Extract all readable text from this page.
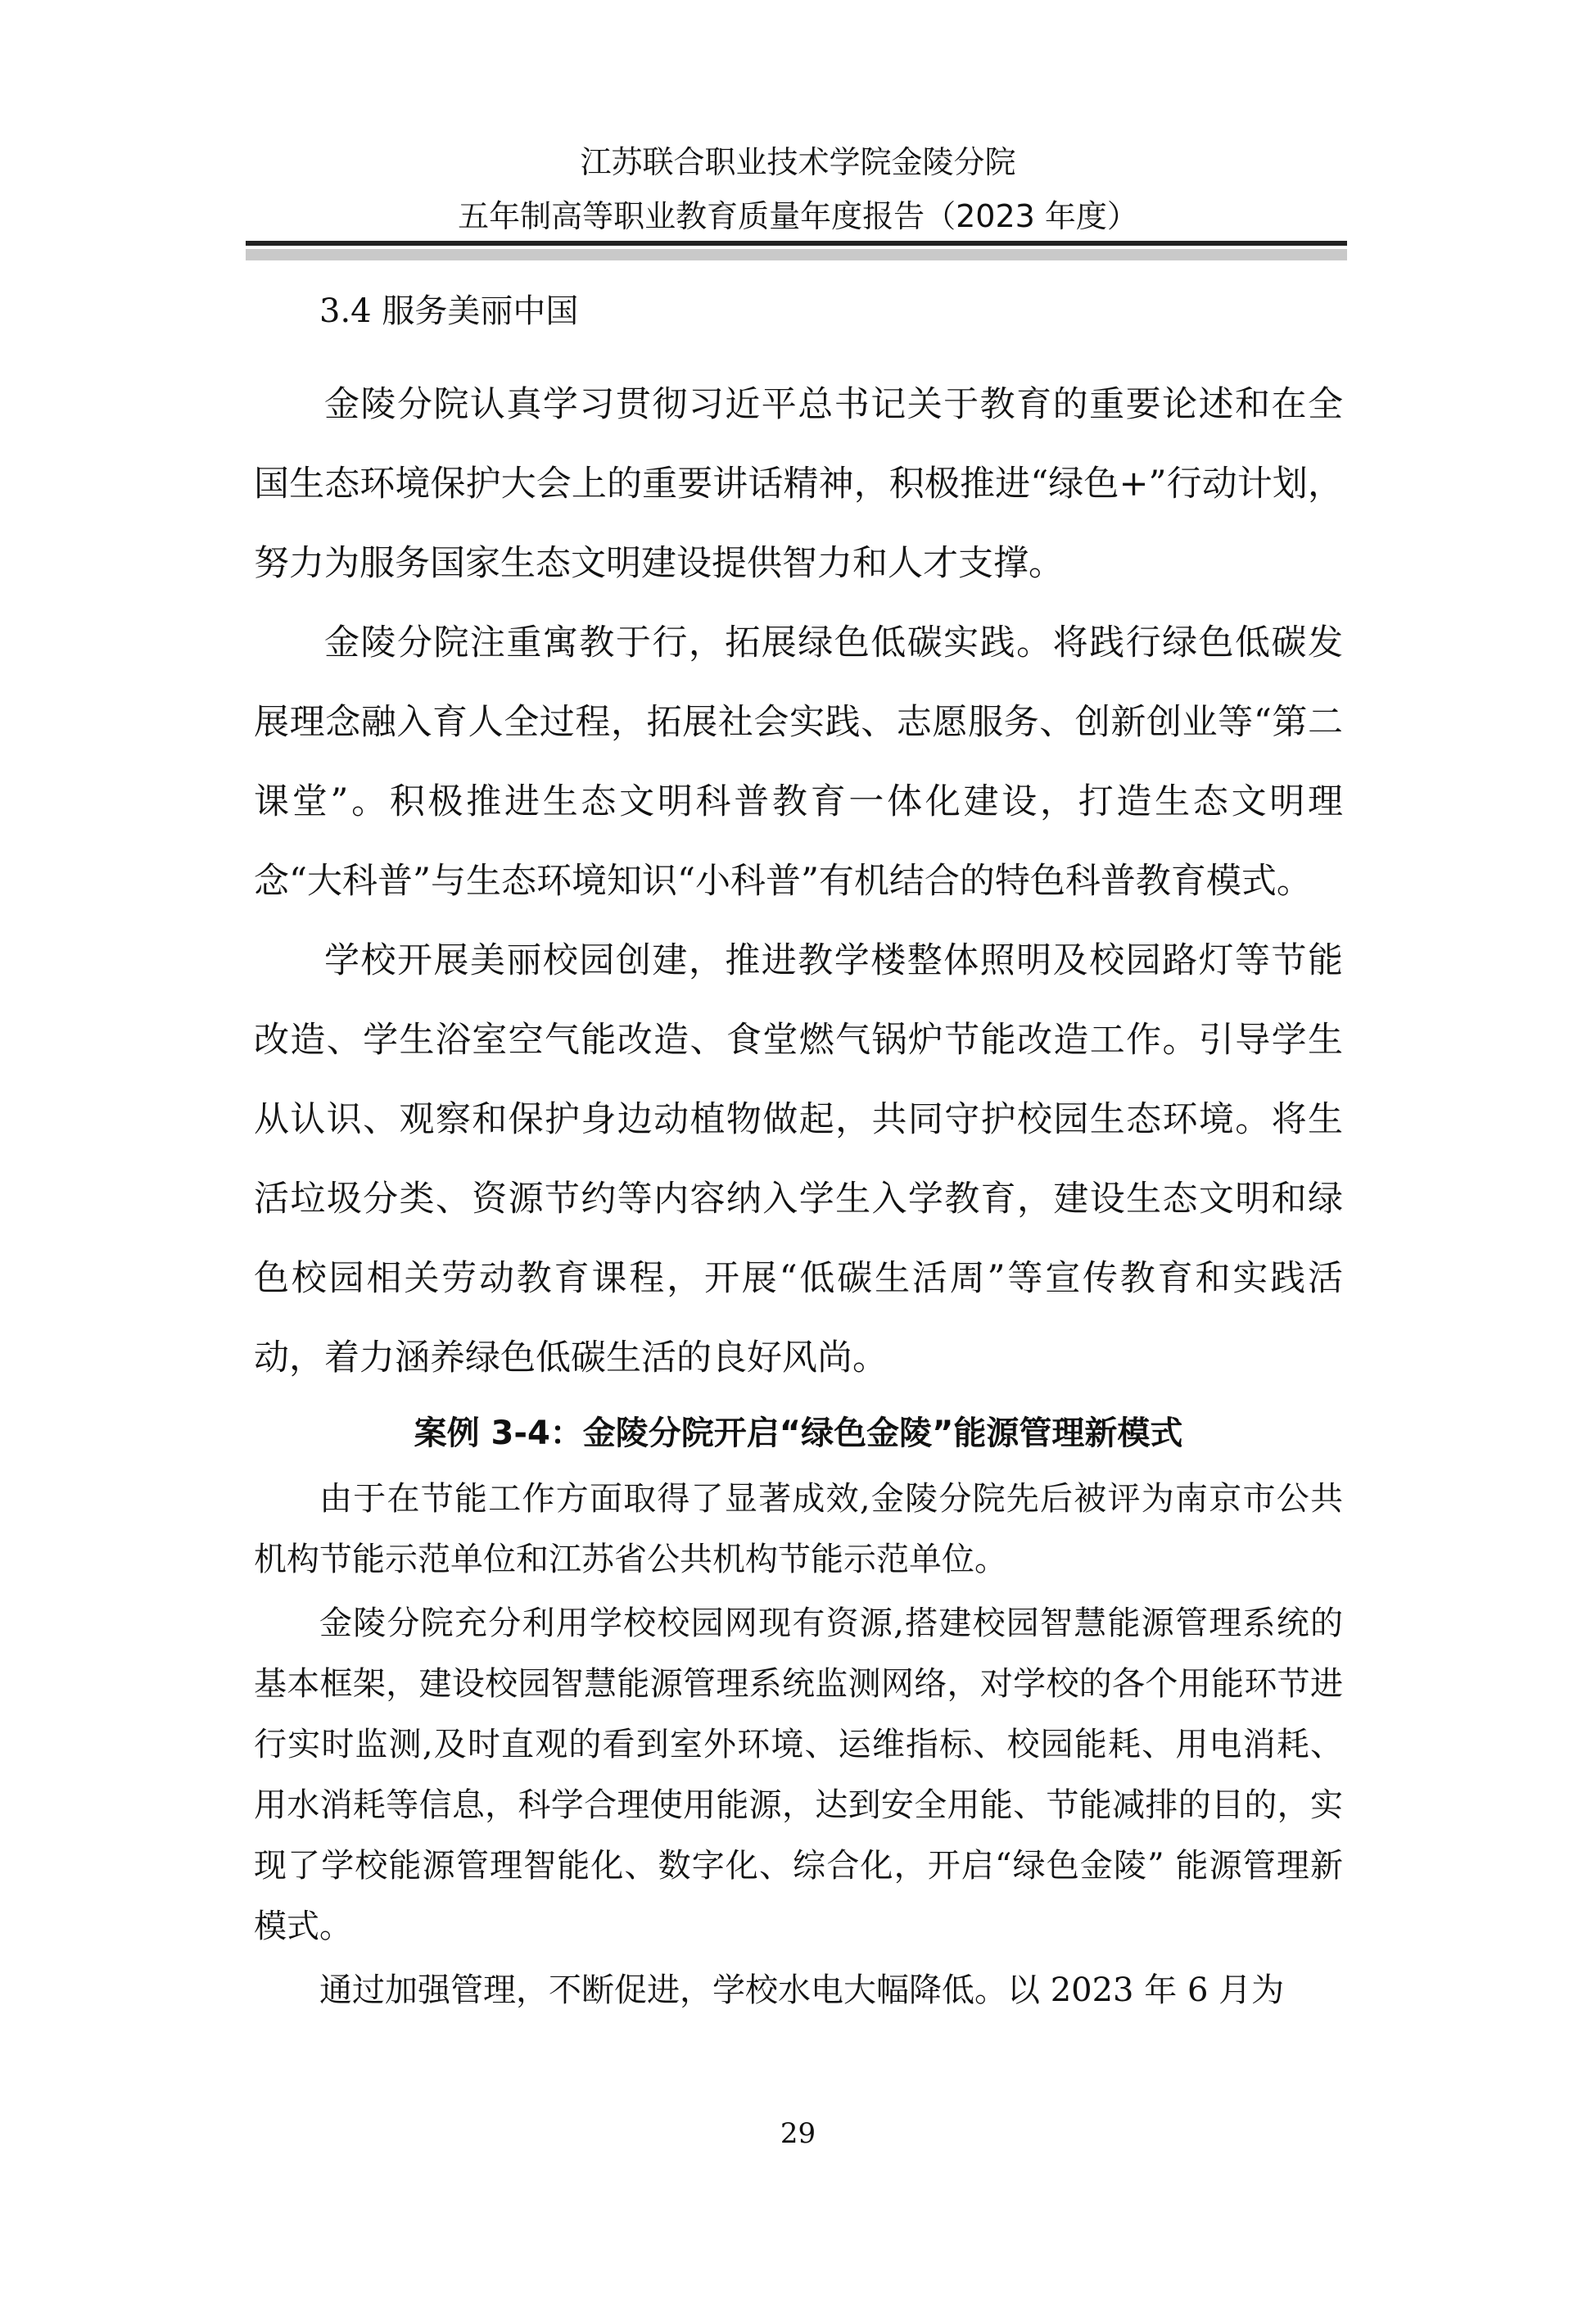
江苏联合职业技术学院金陵分院
五年制高等职业教育质量年度报告（2023 年度）
3.4 服务美丽中国

金陵分院认真学习贯彻习近平总书记关于教育的重要论述和在全国生态环境保护大会上的重要讲话精神，积极推进“绿色+”行动计划，努力为服务国家生态文明建设提供智力和人才支撑。

金陵分院注重寓教于行，拓展绿色低碳实践。将践行绿色低碳发展理念融入育人全过程，拓展社会实践、志愿服务、创新创业等“第二课堂”。积极推进生态文明科普教育一体化建设，打造生态文明理念“大科普”与生态环境知识“小科普”有机结合的特色科普教育模式。

学校开展美丽校园创建，推进教学楼整体照明及校园路灯等节能改造、学生浴室空气能改造、食堂燃气锅炉节能改造工作。引导学生从认识、观察和保护身边动植物做起，共同守护校园生态环境。将生活垃圾分类、资源节约等内容纳入学生入学教育，建设生态文明和绿色校园相关劳动教育课程，开展“低碳生活周”等宣传教育和实践活动，着力涵养绿色低碳生活的良好风尚。

案例 3-4：金陵分院开启“绿色金陵”能源管理新模式

由于在节能工作方面取得了显著成效,金陵分院先后被评为南京市公共机构节能示范单位和江苏省公共机构节能示范单位。

金陵分院充分利用学校校园网现有资源,搭建校园智慧能源管理系统的基本框架，建设校园智慧能源管理系统监测网络，对学校的各个用能环节进行实时监测,及时直观的看到室外环境、运维指标、校园能耗、用电消耗、用水消耗等信息，科学合理使用能源，达到安全用能、节能减排的目的，实现了学校能源管理智能化、数字化、综合化，开启“绿色金陵” 能源管理新模式。

通过加强管理，不断促进，学校水电大幅降低。以 2023 年 6 月为

29
